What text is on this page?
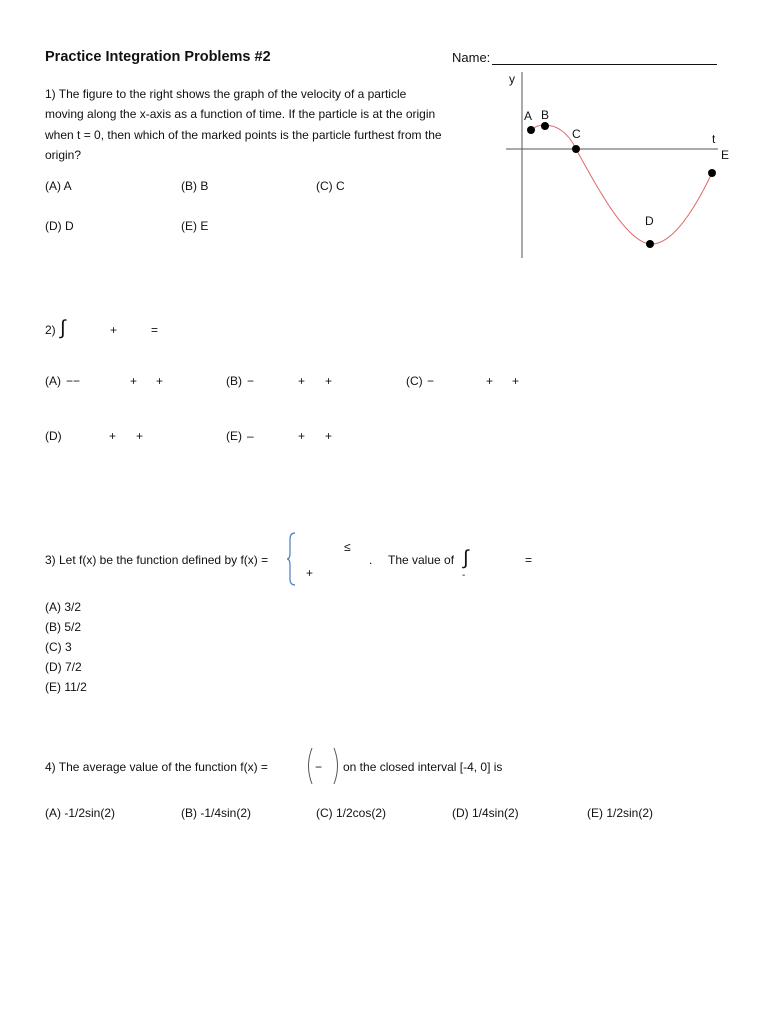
Practice Integration Problems #2	Name:
1) The figure to the right shows the graph of the velocity of a particle moving along the x-axis as a function of time. If the particle is at the origin when t = 0, then which of the marked points is the particle furthest from the origin?
(A) A	(B) B	(C) C
(D) D	(E) E
y
t
A B
C
D
E
2) ∫	+	=
(A) −−	+ +	(B) −	+ +	(C) −	+ +
(D)	+ +	(E) –	+ +
3) Let f(x) be the function defined by f(x) =
≤
+
. The value of ∫
-
=
(A) 3/2
(B) 5/2
(C) 3
(D) 7/2
(E) 11/2
4) The average value of the function f(x) =	− on the closed interval [-4, 0] is
(A) -1/2sin(2)	(B) -1/4sin(2)	(C) 1/2cos(2)	(D) 1/4sin(2)	(E) 1/2sin(2)
